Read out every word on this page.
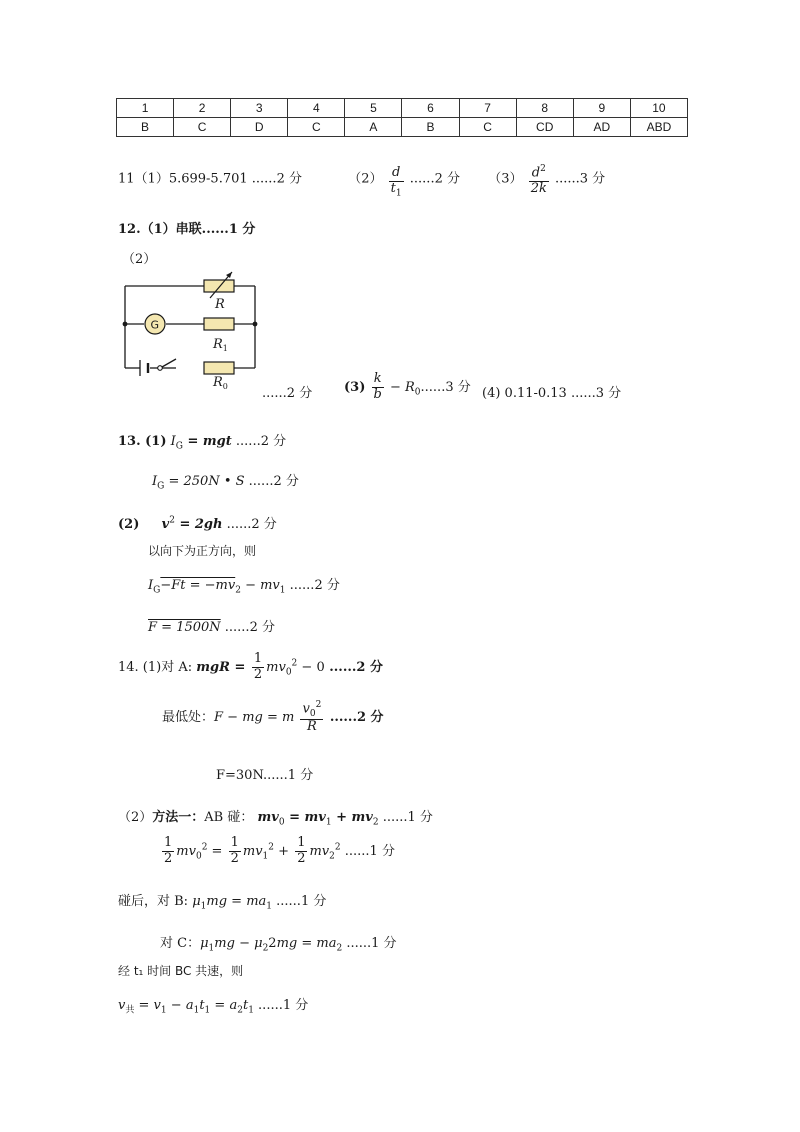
1	2	3	4	5	6	7	8	9	10
B	C	D	C	A	B	C	CD	AD	ABD
11（1）5.699-5.701 ......2 分	$(2) \frac{d}{t_1} ......2$ 分 $(3) \frac{d^2}{2k} ......3$ 分
12.（1）串联......1 分
（2）
R
G
$R_1$
$R_0$	......2 分 $(3) \frac{k}{b} - R_0......3$ 分 (4) 0.11-0.13 ......3 分
13. (1) $I_G$ = mgt ......2 分
$I_G = 250N$ • S ......2 分
(2) $v^2 = 2gh$ ......2 分
以向下为正方向，则
$I_G-Ft = -mv_2 - mv_1$ ......2 分
F = 1500N ......2 分
14. (1)对 A: mgR = $\frac{1}{2} mv_0^2 - 0$ ......2 分
最低处：F − mg = m $\frac{v_0^2}{R} ......2$ 分
F=30N......1 分
（2）方法一：AB 碰： $mv_0 = mv_1 + mv_2$ ......1 分
$\frac{1}{2} mv_0^2 = \frac{1}{2} mv_1^2 + \frac{1}{2} mv_2^2$ ......1 分
碰后，对 B: $\mu_1mg = ma_1$ ......1 分
对 C：$\mu_1mg - \mu_22mg = ma_2$ ......1 分
经 t₁ 时间 BC 共速，则
$v_共 = v_1 - a_1t_1 = a_2t_1$ ......1 分
